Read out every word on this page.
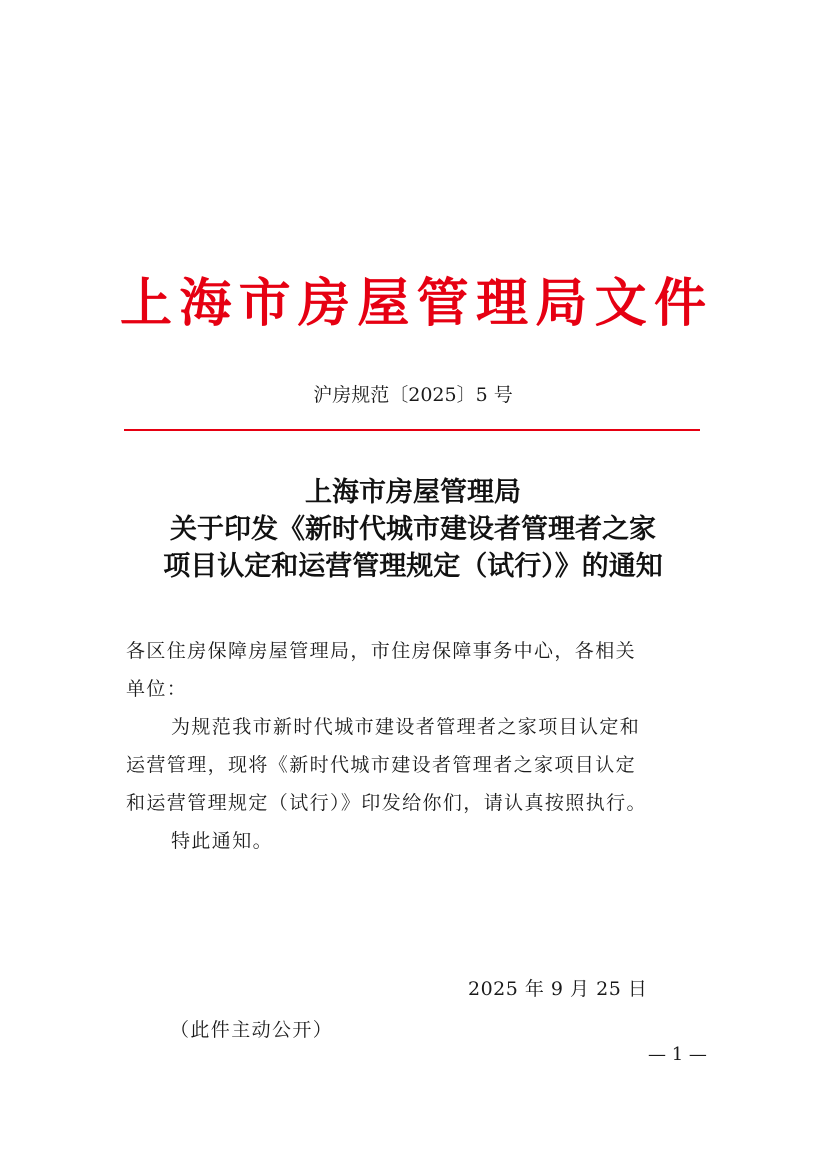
上 海 市 房 屋 管 理 局 文 件
沪房规范〔2025〕5 号
上海市房屋管理局
关于印发《新时代城市建设者管理者之家
项目认定和运营管理规定（试行）》的通知
各区住房保障房屋管理局，市住房保障事务中心，各相关
单位：
为规范我市新时代城市建设者管理者之家项目认定和
运营管理，现将《新时代城市建设者管理者之家项目认定
和运营管理规定（试行）》印发给你们，请认真按照执行。
特此通知。
2025 年 9 月 25 日
（此件主动公开）
— 1 —
